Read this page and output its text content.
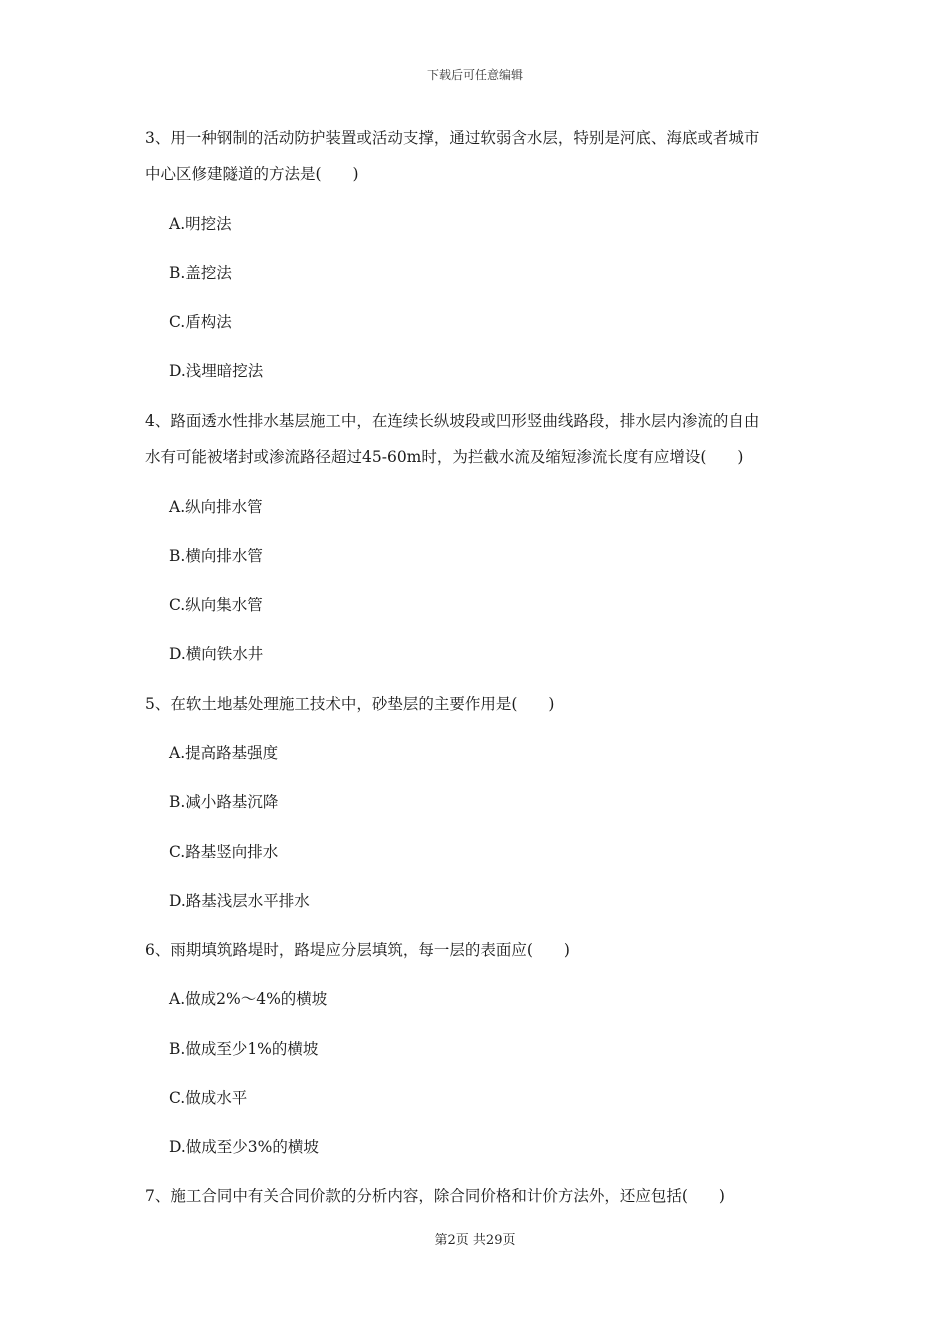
下载后可任意编辑
3、用一种钢制的活动防护装置或活动支撑，通过软弱含水层，特别是河底、海底或者城市
中心区修建隧道的方法是(　　)
A.明挖法
B.盖挖法
C.盾构法
D.浅埋暗挖法
4、路面透水性排水基层施工中，在连续长纵坡段或凹形竖曲线路段，排水层内渗流的自由
水有可能被堵封或渗流路径超过45-60m时，为拦截水流及缩短渗流长度有应增设(　　)
A.纵向排水管
B.横向排水管
C.纵向集水管
D.横向铁水井
5、在软土地基处理施工技术中，砂垫层的主要作用是(　　)
A.提高路基强度
B.减小路基沉降
C.路基竖向排水
D.路基浅层水平排水
6、雨期填筑路堤时，路堤应分层填筑，每一层的表面应(　　)
A.做成2%～4%的横坡
B.做成至少1%的横坡
C.做成水平
D.做成至少3%的横坡
7、施工合同中有关合同价款的分析内容，除合同价格和计价方法外，还应包括(　　)
第2页 共29页
